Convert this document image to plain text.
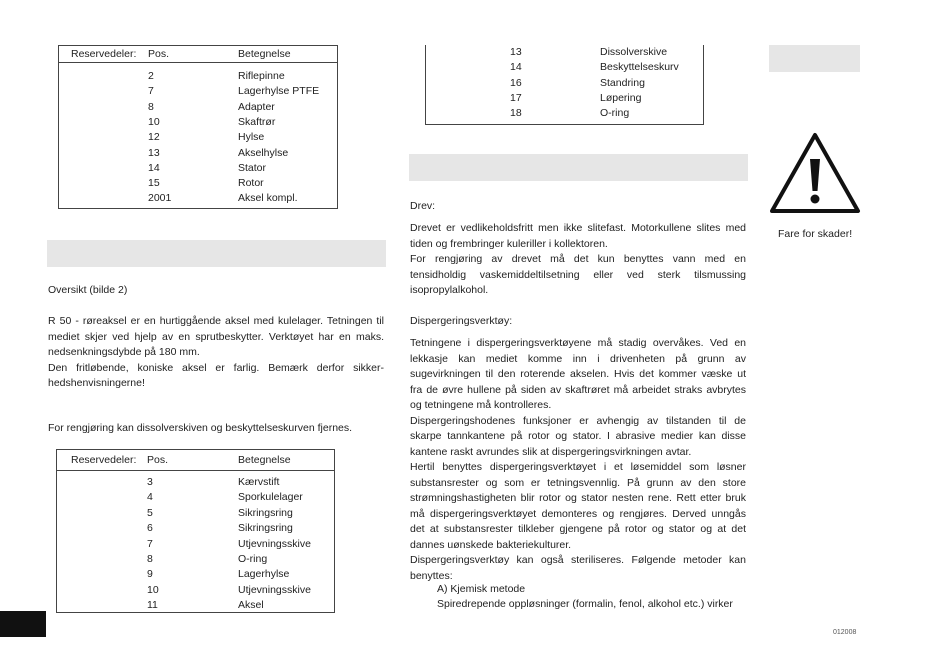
Reservedeler: Pos.	Betegnelse
2	Riflepinne
7	Lagerhylse PTFE
8	Adapter
10	Skaftrør
12	Hylse
13	Akselhylse
14	Stator
15	Rotor
2001	Aksel kompl.
Oversikt (bilde 2)

R 50 - røreaksel er en hurtiggående aksel med kulelager. Tetningen til

mediet skjer ved hjelp av en sprutbeskytter. Verktøyet har en maks.

nedsenkningsdybde på 180 mm.

Den fritløbende, koniske aksel er farlig. Bemærk derfor sikker-

hedshenvisningerne!

For rengjøring kan dissolverskiven og beskyttelseskurven fjernes.
Reservedeler: Pos.	Betegnelse
3	Kærvstift
4	Sporkulelager
5	Sikringsring
6	Sikringsring
7	Utjevningsskive
8	O-ring
9	Lagerhylse
10	Utjevningsskive
11	Aksel
13	Dissolverskive
14	Beskyttelseskurv
16	Standring
17	Løpering
18	O-ring
Drev:

Drevet er vedlikeholdsfritt men ikke slitefast. Motorkullene slites med

tiden og frembringer kuleriller i kollektoren.

For rengjøring av drevet må det kun benyttes vann med en

tensidholdig vaskemiddeltilsetning eller ved sterk tilsmussing

isopropylalkohol.

Dispergeringsverktøy:

Tetningene i dispergeringsverktøyene må stadig overvåkes. Ved en

lekkasje kan mediet komme inn i drivenheten på grunn av

sugevirkningen til den roterende akselen. Hvis det kommer væske ut

fra de øvre hullene på siden av skaftrøret må arbeidet straks avbrytes

og tetningene må kontrolleres.

Dispergeringshodenes funksjoner er avhengig av tilstanden til de

skarpe tannkantene på rotor og stator. I abrasive medier kan disse

kantene raskt avrundes slik at dispergeringsvirkningen avtar.

Hertil benyttes dispergeringsverktøyet i et løsemiddel som løsner

substansrester og som er tetningsvennlig. På grunn av den store

strømningshastigheten blir rotor og stator nesten rene. Rett etter bruk

må dispergeringsverktøyet demonteres og rengjøres. Derved unngås

det at substansrester tilkleber gjengene på rotor og stator og at det

dannes uønskede bakteriekulturer.

Dispergeringsverktøy kan også steriliseres. Følgende metoder kan

benyttes:

A) Kjemisk metode
Spiredrepende oppløsninger (formalin, fenol, alkohol etc.) virker
Fare for skader!
012008
